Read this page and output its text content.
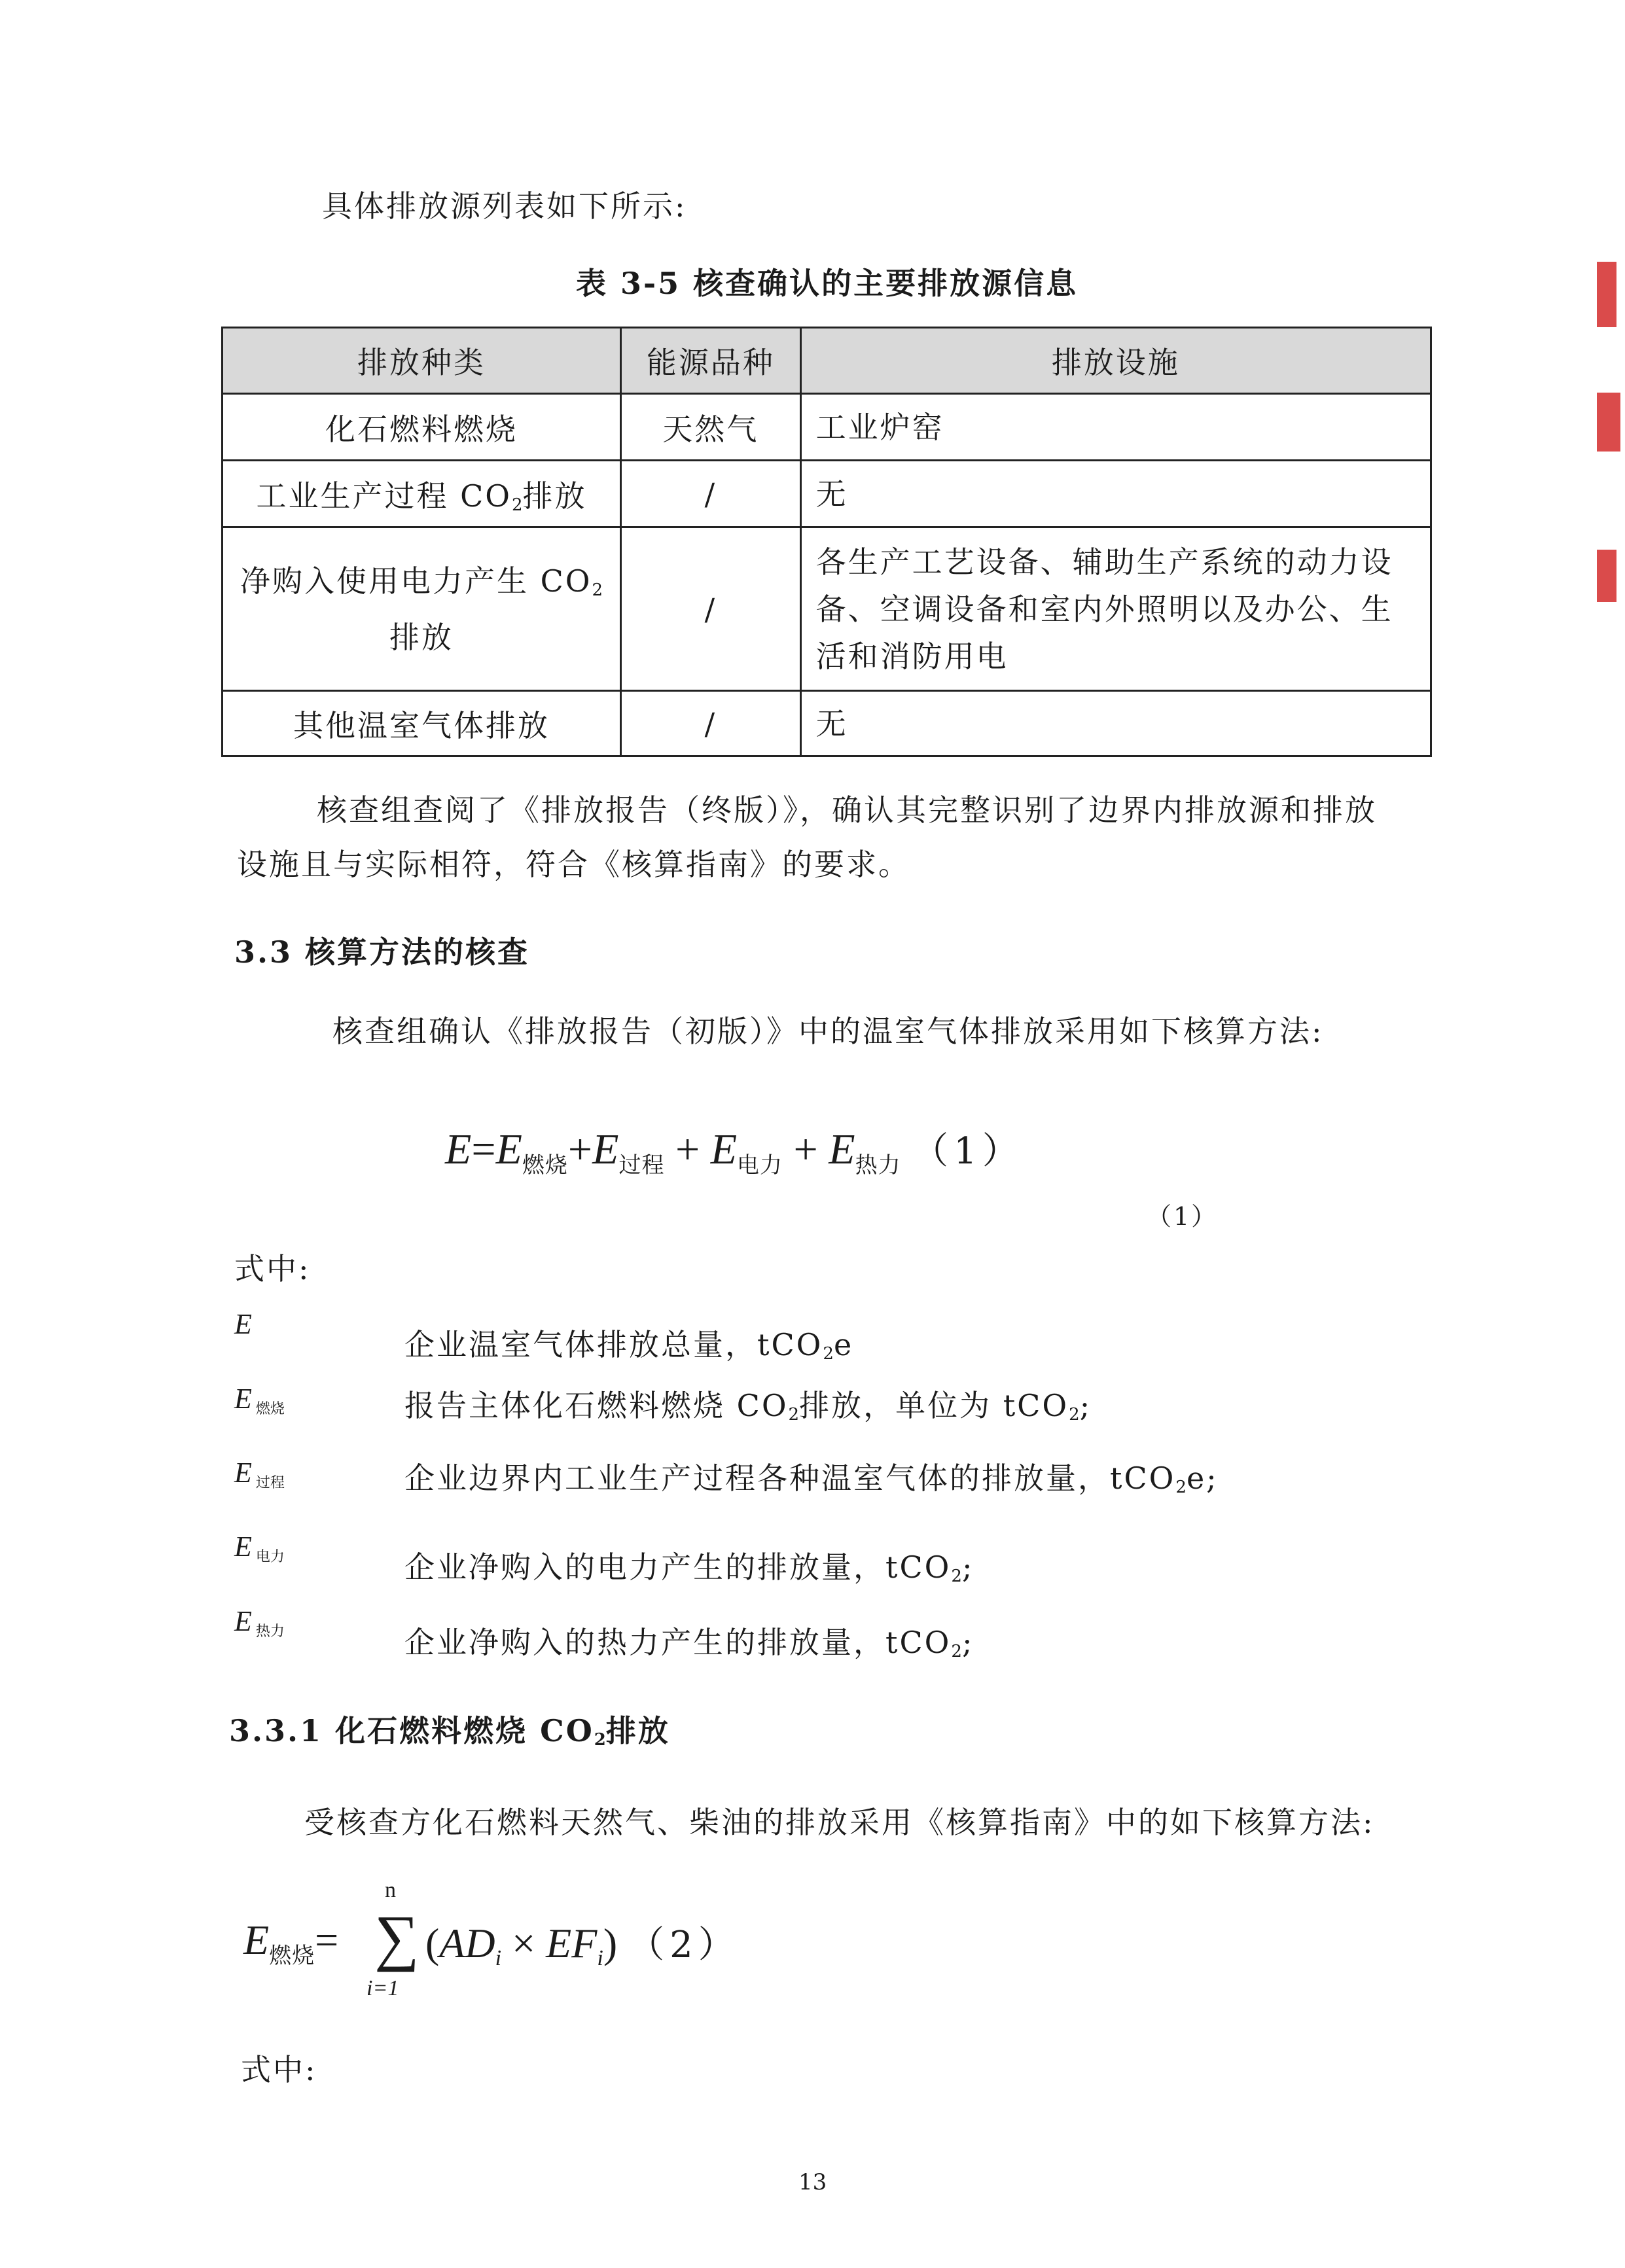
具体排放源列表如下所示:
表 3-5 核查确认的主要排放源信息
排放种类	能源品种	排放设施
化石燃料燃烧	天然气	工业炉窑
工业生产过程 $CO_2$排放	/	无
净购入使用电力产生 $CO_2$
排放	/	各生产工艺设备、辅助生产系统的动力设
备、空调设备和室内外照明以及办公、生
活和消防用电
其他温室气体排放	/	无
核查组查阅了《排放报告（终版）》，确认其完整识别了边界内排放源和排放
设施且与实际相符，符合《核算指南》的要求。
3.3 核算方法的核查
核查组确认《排放报告（初版）》中的温室气体排放采用如下核算方法:
$E=E_{燃烧}+E_{过程} + E_{电力} + E_{热力}$ （1）
（1）
式中:
E
企业温室气体排放总量，tCO$_2$e
E燃烧	报告主体化石燃料燃烧 $CO_2$排放，单位为 tCO$_2$;
E过程	企业边界内工业生产过程各种温室气体的排放量，tCO$_2$e;
E电力	企业净购入的电力产生的排放量，tCO$_2$;
E热力	企业净购入的热力产生的排放量，tCO$_2$;
3.3.1 化石燃料燃烧 $CO_2$排放
受核查方化石燃料天然气、柴油的排放采用《核算指南》中的如下核算方法:
$E_{燃烧}=$ ∑
n
i=1
(ADi × EFi) （2）
式中:
13
